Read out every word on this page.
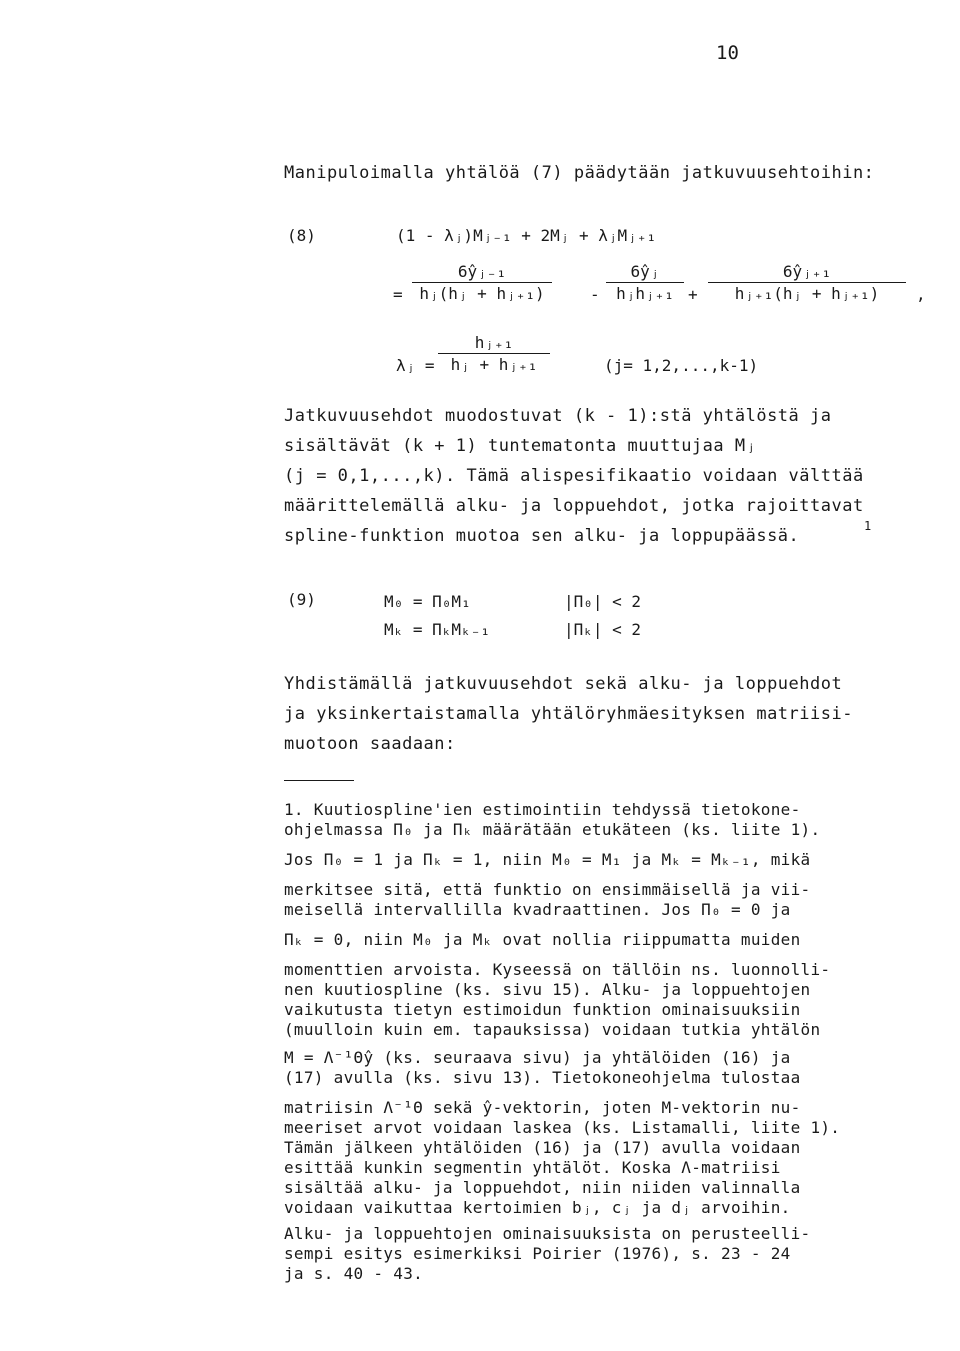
10
Manipuloimalla yhtälöä (7) päädytään jatkuvuusehtoihin:
(8)	(1 - λⱼ)Mⱼ₋₁ + 2Mⱼ + λⱼMⱼ₊₁
=
6ŷⱼ₋₁
hⱼ(hⱼ + hⱼ₊₁)	-
6ŷⱼ
hⱼhⱼ₊₁ +
6ŷⱼ₊₁
hⱼ₊₁(hⱼ + hⱼ₊₁)	,
λⱼ =
hⱼ₊₁
hⱼ + hⱼ₊₁	(j= 1,2,...,k-1)
Jatkuvuusehdot muodostuvat (k - 1):stä yhtälöstä ja
sisältävät (k + 1) tuntematonta muuttujaa Mⱼ
(j = 0,1,...,k). Tämä alispesifikaatio voidaan välttää
määrittelemällä alku- ja loppuehdot, jotka rajoittavat
spline-funktion muotoa sen alku- ja loppupäässä.	1
(9)	M₀ = Π₀M₁	|Π₀| < 2
Mₖ = ΠₖMₖ₋₁	|Πₖ| < 2
Yhdistämällä jatkuvuusehdot sekä alku- ja loppuehdot
ja yksinkertaistamalla yhtälöryhmäesityksen matriisi-
muotoon saadaan:
1. Kuutiospline'ien estimointiin tehdyssä tietokone-
ohjelmassa Π₀ ja Πₖ määrätään etukäteen (ks. liite 1).
Jos Π₀ = 1 ja Πₖ = 1, niin M₀ = M₁ ja Mₖ = Mₖ₋₁, mikä
merkitsee sitä, että funktio on ensimmäisellä ja vii-
meisellä intervallilla kvadraattinen. Jos Π₀ = 0 ja
Πₖ = 0, niin M₀ ja Mₖ ovat nollia riippumatta muiden
momenttien arvoista. Kyseessä on tällöin ns. luonnolli-
nen kuutiospline (ks. sivu 15). Alku- ja loppuehtojen
vaikutusta tietyn estimoidun funktion ominaisuuksiin
(muulloin kuin em. tapauksissa) voidaan tutkia yhtälön
M = Λ⁻¹Θŷ (ks. seuraava sivu) ja yhtälöiden (16) ja
(17) avulla (ks. sivu 13). Tietokoneohjelma tulostaa
matriisin Λ⁻¹Θ sekä ŷ-vektorin, joten M-vektorin nu-
meeriset arvot voidaan laskea (ks. Listamalli, liite 1).
Tämän jälkeen yhtälöiden (16) ja (17) avulla voidaan
esittää kunkin segmentin yhtälöt. Koska Λ-matriisi
sisältää alku- ja loppuehdot, niin niiden valinnalla
voidaan vaikuttaa kertoimien bⱼ, cⱼ ja dⱼ arvoihin.
Alku- ja loppuehtojen ominaisuuksista on perusteelli-
sempi esitys esimerkiksi Poirier (1976), s. 23 - 24
ja s. 40 - 43.
